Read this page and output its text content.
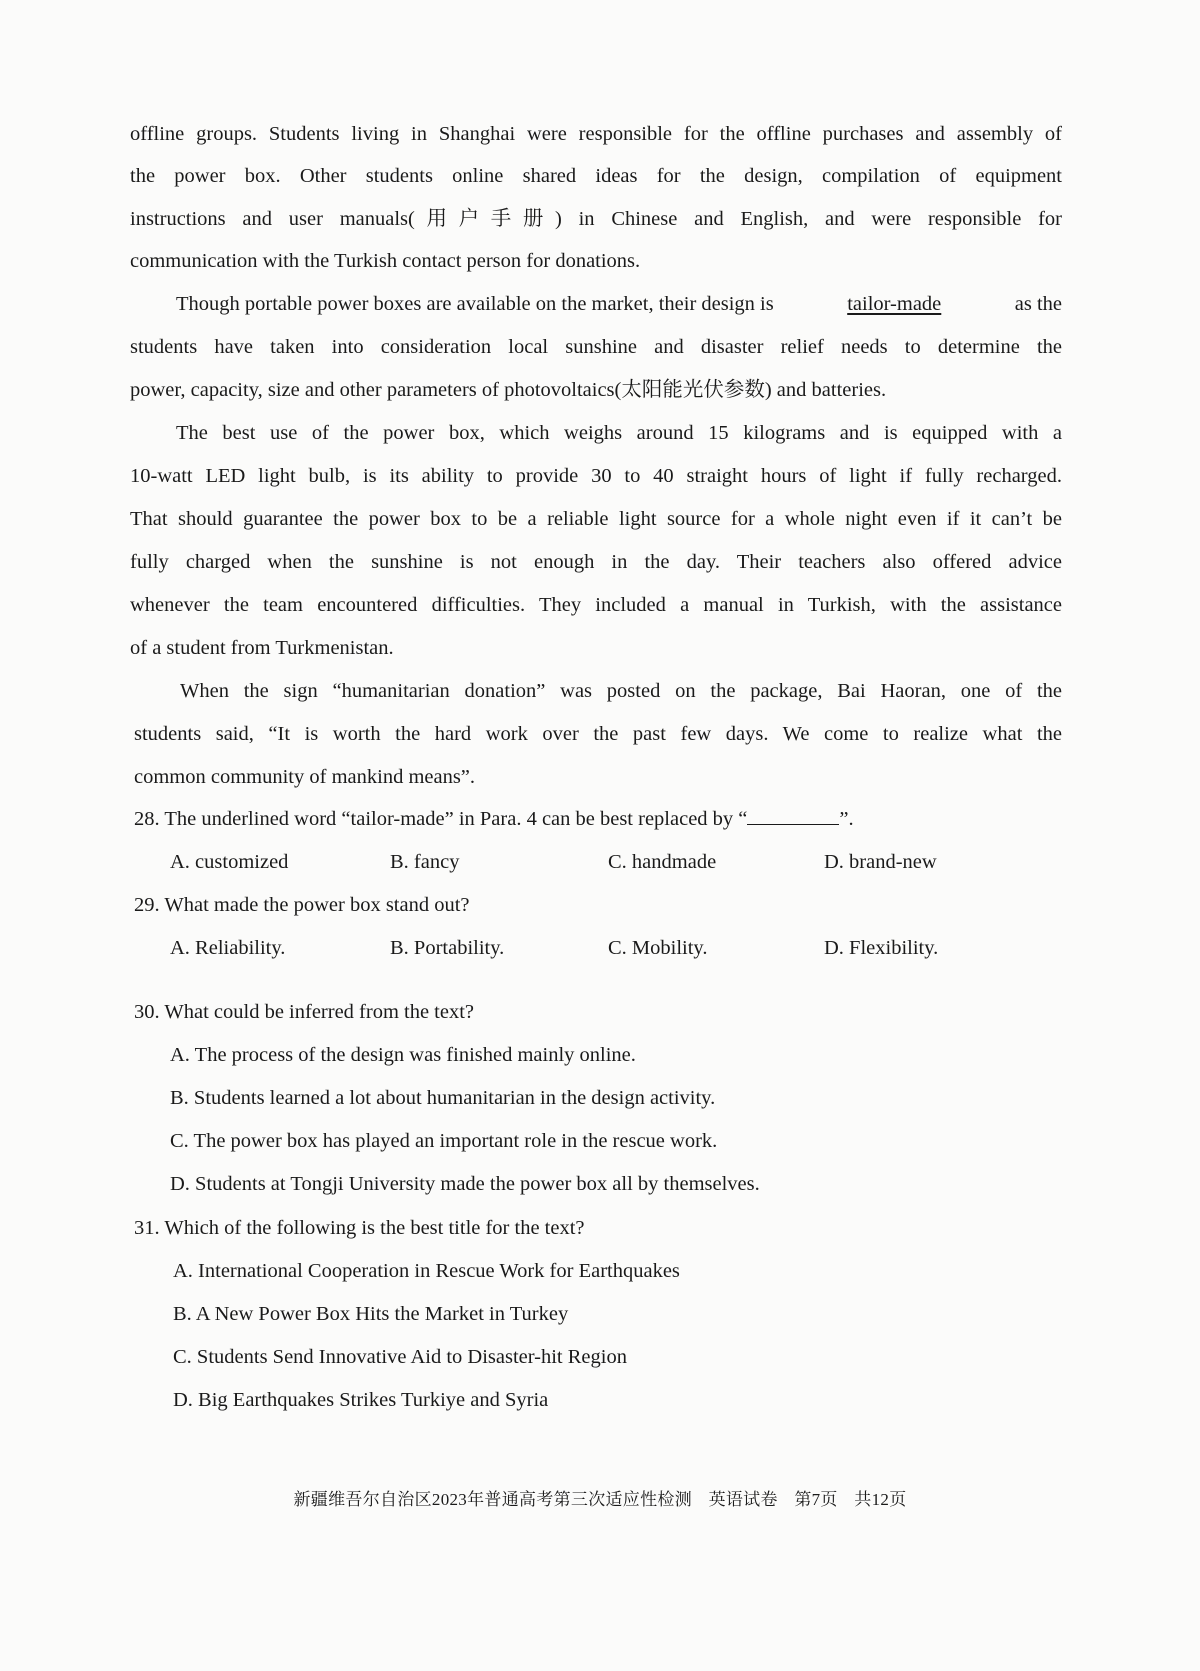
offline groups. Students living in Shanghai were responsible for the offline purchases and assembly of
the power box. Other students online shared ideas for the design, compilation of equipment
instructions and user manuals(用户手册) in Chinese and English, and were responsible for
communication with the Turkish contact person for donations.
Though portable power boxes are available on the market, their design is	tailor-made	as the
students have taken into consideration local sunshine and disaster relief needs to determine the
power, capacity, size and other parameters of photovoltaics(太阳能光伏参数) and batteries.
The best use of the power box, which weighs around 15 kilograms and is equipped with a
10-watt LED light bulb, is its ability to provide 30 to 40 straight hours of light if fully recharged.
That should guarantee the power box to be a reliable light source for a whole night even if it can’t be
fully charged when the sunshine is not enough in the day. Their teachers also offered advice
whenever the team encountered difficulties. They included a manual in Turkish, with the assistance
of a student from Turkmenistan.
When the sign “humanitarian donation” was posted on the package, Bai Haoran, one of the
students said, “It is worth the hard work over the past few days. We come to realize what the
common community of mankind means”.
28. The underlined word “tailor-made” in Para. 4 can be best replaced by “	”.
A. customized	B. fancy	C. handmade	D. brand-new
29. What made the power box stand out?
A. Reliability.	B. Portability.	C. Mobility.	D. Flexibility.
30. What could be inferred from the text?
A. The process of the design was finished mainly online.
B. Students learned a lot about humanitarian in the design activity.
C. The power box has played an important role in the rescue work.
D. Students at Tongji University made the power box all by themselves.
31. Which of the following is the best title for the text?
A. International Cooperation in Rescue Work for Earthquakes
B. A New Power Box Hits the Market in Turkey
C. Students Send Innovative Aid to Disaster-hit Region
D. Big Earthquakes Strikes Turkiye and Syria
新疆维吾尔自治区2023年普通高考第三次适应性检测 英语试卷 第7页 共12页
